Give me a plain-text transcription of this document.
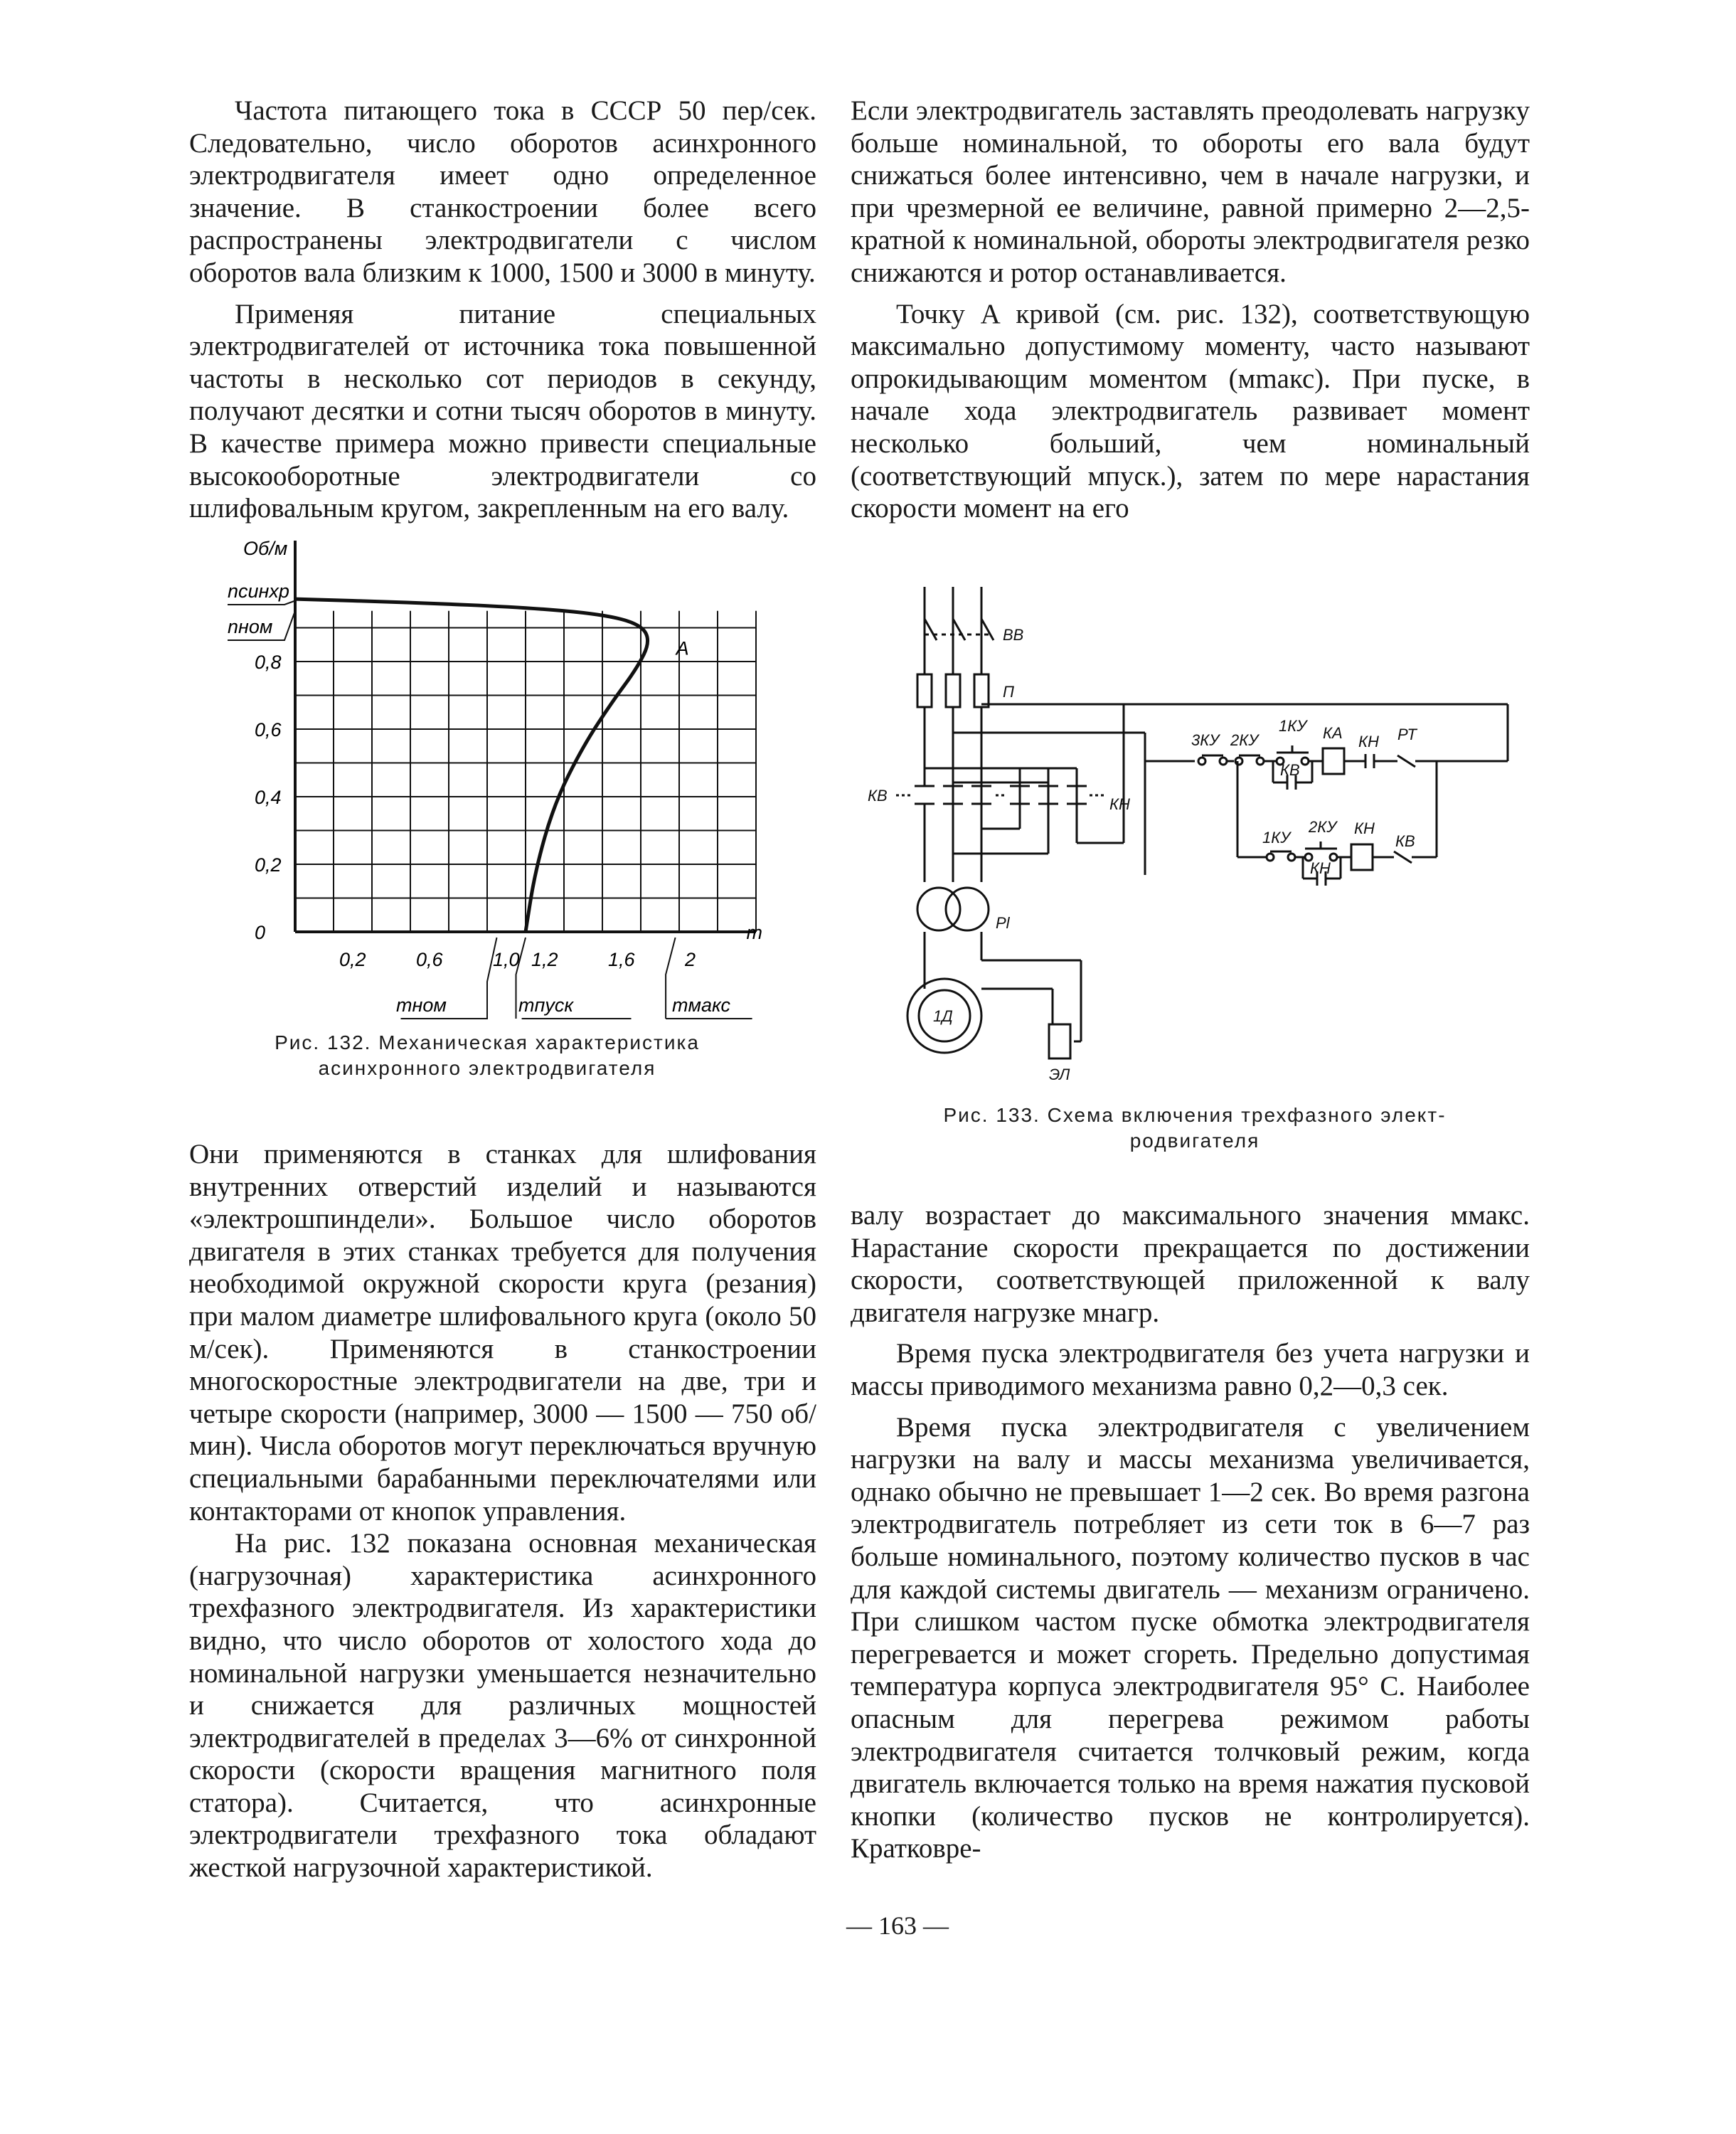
Частота питающего тока в СССР 50 пер/сек. Следовательно, число оборотов асинхронного электродвигателя имеет одно определенное значение. В станкостроении более всего распространены электродвигатели с числом оборотов вала близким к 1000, 1500 и 3000 в минуту.

Применяя питание специальных электродвигателей от источника тока повышенной частоты в несколько сот периодов в секунду, получают десятки и сотни тысяч оборотов в минуту. В качестве примера можно привести специальные высокооборотные электродвигатели со шлифовальным кругом, закрепленным на его валу.

Об/м
m
А
nсинхр
nном
mном	mпуск	mмакс
0
0,2
0,4
0,6
0,8
0,2	0,6	1,0 1,2	1,6	2
Рис. 132. Механическая характеристика
асинхронного электродвигателя

Они применяются в станках для шлифования внутренних отверстий изделий и называются «электрошпиндели». Большое число оборотов двигателя в этих станках требуется для получения необходимой окружной скорости круга (резания) при малом диаметре шлифовального круга (около 50 м/сек). Применяются в станкостроении многоскоростные электродвигатели на две, три и четыре скорости (например, 3000 — 1500 — 750 об/мин). Числа оборотов могут переключаться вручную специальными барабанными переключателями или контакторами от кнопок управления.

На рис. 132 показана основная механическая (нагрузочная) характеристика асинхронного трехфазного электродвигателя. Из характеристики видно, что число оборотов от холостого хода до номинальной нагрузки уменьшается незначительно и снижается для различных мощностей электродвигателей в пределах 3—6% от синхронной скорости (скорости вращения магнитного поля статора). Считается, что асинхронные электродвигатели трехфазного тока обладают жесткой нагрузочной характеристикой.

Если электродвигатель заставлять преодолевать нагрузку больше номинальной, то обороты его вала будут снижаться более интенсивно, чем в начале нагрузки, и при чрезмерной ее величине, равной примерно 2—2,5-кратной к номинальной, обороты электродвигателя резко снижаются и ротор останавливается.

Точку А кривой (см. рис. 132), соответствующую максимально допустимому моменту, часто называют опрокидывающим моментом (мmакс). При пуске, в начале хода электродвигатель развивает момент несколько больший, чем номинальный (соответствующий мпуск.), затем по мере нарастания скорости момент на его

ВВ
П
КВ	КН
3КУ 2КУ
1КУ КА КН РТ
КВ
1КУ
2КУ КН
КВ
КН
Рl
1Д
ЭЛ
Рис. 133. Схема включения трехфазного элект-
родвигателя

валу возрастает до максимального значения ммакс. Нарастание скорости прекращается по достижении скорости, соответствующей приложенной к валу двигателя нагрузке мнагр.

Время пуска электродвигателя без учета нагрузки и массы приводимого механизма равно 0,2—0,3 сек.

Время пуска электродвигателя с увеличением нагрузки на валу и массы механизма увеличивается, однако обычно не превышает 1—2 сек. Во время разгона электродвигатель потребляет из сети ток в 6—7 раз больше номинального, поэтому количество пусков в час для каждой системы двигатель — механизм ограничено. При слишком частом пуске обмотка электродвигателя перегревается и может сгореть. Предельно допустимая температура корпуса электродвигателя 95° С. Наиболее опасным для перегрева режимом работы электродвигателя считается толчковый режим, когда двигатель включается только на время нажатия пусковой кнопки (количество пусков не контролируется). Кратковре-

— 163 —
